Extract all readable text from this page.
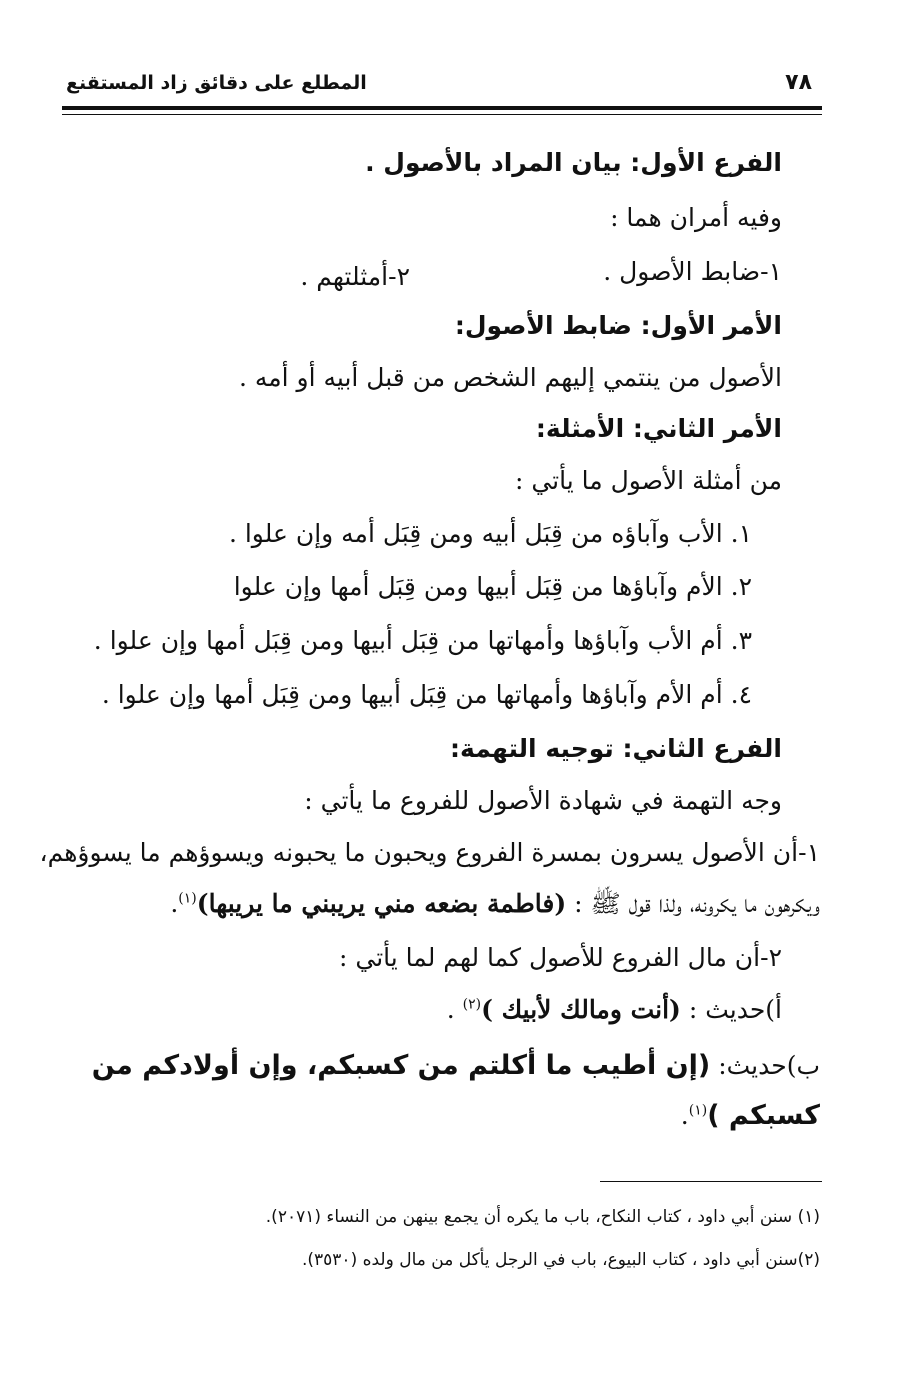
٧٨
المطلع على دقائق زاد المستقنع
الفرع الأول: بيان المراد بالأصول .
وفيه أمران هما :
١-ضابط الأصول .
٢-أمثلتهم .
الأمر الأول: ضابط الأصول:
الأصول من ينتمي إليهم الشخص من قبل أبيه أو أمه .
الأمر الثاني: الأمثلة:
من أمثلة الأصول ما يأتي :
١. الأب وآباؤه من قِبَل أبيه ومن قِبَل أمه وإن علوا .
٢. الأم وآباؤها من قِبَل أبيها ومن قِبَل أمها وإن علوا
٣. أم الأب وآباؤها وأمهاتها من قِبَل أبيها ومن قِبَل أمها وإن علوا .
٤. أم الأم وآباؤها وأمهاتها من قِبَل أبيها ومن قِبَل أمها وإن علوا .
الفرع الثاني: توجيه التهمة:
وجه التهمة في شهادة الأصول للفروع ما يأتي :
١-أن الأصول يسرون بمسرة الفروع ويحبون ما يحبونه ويسوؤهم ما يسوؤهم،
ويكرهون ما يكرونه، ولذا قول ﷺ : (فاطمة بضعه مني يريبني ما يريبها)$^{(١)}$.
٢-أن مال الفروع للأصول كما لهم لما يأتي :
أ)حديث : (أنت ومالك لأبيك )$^{(٢)}$ .
ب)حديث: (إن أطيب ما أكلتم من كسبكم، وإن أولادكم من
كسبكم )$^{(١)}$.
(١) سنن أبي داود ، كتاب النكاح، باب ما يكره أن يجمع بينهن من النساء (٢٠٧١).
(٢)سنن أبي داود ، كتاب البيوع، باب في الرجل يأكل من مال ولده (٣٥٣٠).
